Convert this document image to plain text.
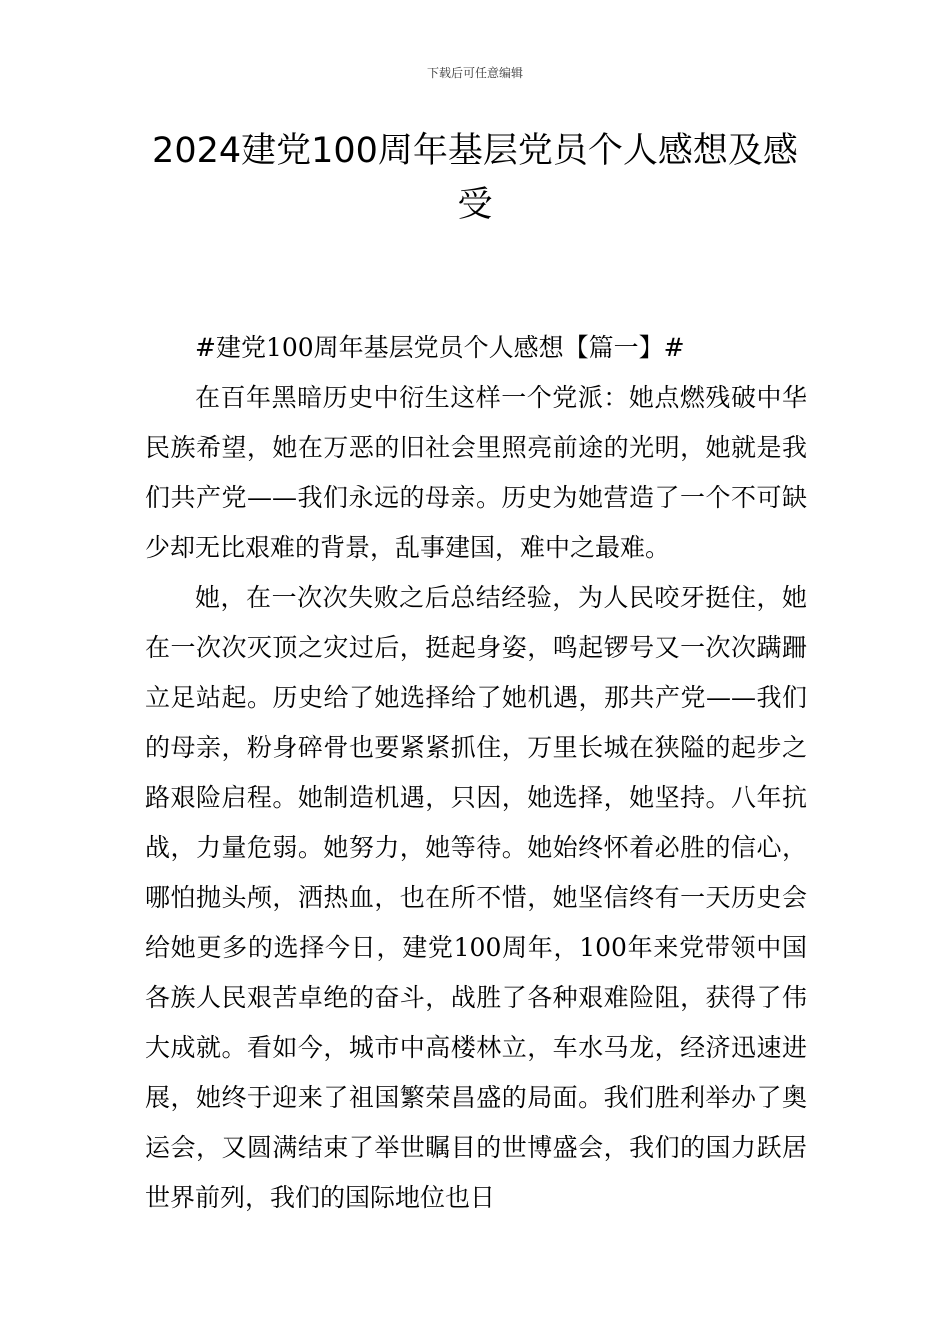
下载后可任意编辑
2024建党100周年基层党员个人感想及感受

#建党100周年基层党员个人感想【篇一】#

在百年黑暗历史中衍生这样一个党派：她点燃残破中华民族希望，她在万恶的旧社会里照亮前途的光明，她就是我们共产党——我们永远的母亲。历史为她营造了一个不可缺少却无比艰难的背景，乱事建国，难中之最难。

她，在一次次失败之后总结经验，为人民咬牙挺住，她在一次次灭顶之灾过后，挺起身姿，鸣起锣号又一次次蹒跚立足站起。历史给了她选择给了她机遇，那共产党——我们的母亲，粉身碎骨也要紧紧抓住，万里长城在狭隘的起步之路艰险启程。她制造机遇，只因，她选择，她坚持。八年抗战，力量危弱。她努力，她等待。她始终怀着必胜的信心，哪怕抛头颅，洒热血，也在所不惜，她坚信终有一天历史会给她更多的选择今日，建党100周年，100年来党带领中国各族人民艰苦卓绝的奋斗，战胜了各种艰难险阻，获得了伟大成就。看如今，城市中高楼林立，车水马龙，经济迅速进展，她终于迎来了祖国繁荣昌盛的局面。我们胜利举办了奥运会，又圆满结束了举世瞩目的世博盛会，我们的国力跃居世界前列，我们的国际地位也日
